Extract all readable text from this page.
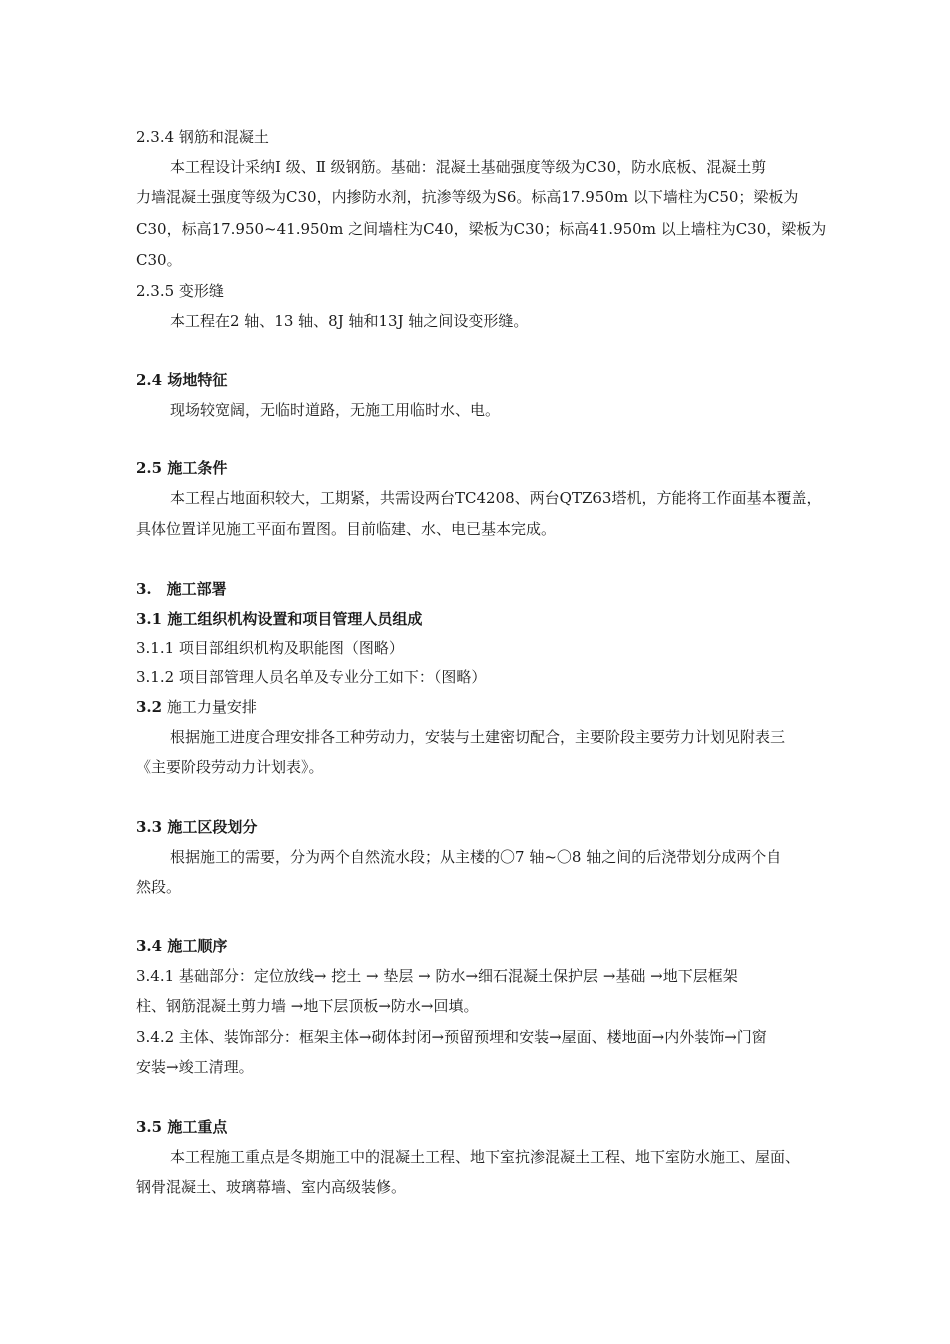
2.3.4 钢筋和混凝土
本工程设计采纳Ⅰ 级、Ⅱ 级钢筋。基础：混凝土基础强度等级为C30，防水底板、混凝土剪
力墙混凝土强度等级为C30，内掺防水剂，抗渗等级为S6。标高17.950m 以下墙柱为C50；梁板为
C30，标高17.950~41.950m 之间墙柱为C40，梁板为C30；标高41.950m 以上墙柱为C30，梁板为
C30。
2.3.5 变形缝
本工程在2 轴、13 轴、8J 轴和13J 轴之间设变形缝。
2.4 场地特征
现场较宽阔，无临时道路，无施工用临时水、电。
2.5 施工条件
本工程占地面积较大，工期紧，共需设两台TC4208、两台QTZ63塔机，方能将工作面基本覆盖，
具体位置详见施工平面布置图。目前临建、水、电已基本完成。
3.　施工部署
3.1 施工组织机构设置和项目管理人员组成
3.1.1 项目部组织机构及职能图（图略）
3.1.2 项目部管理人员名单及专业分工如下：（图略）
3.2 施工力量安排
根据施工进度合理安排各工种劳动力，安装与土建密切配合，主要阶段主要劳力计划见附表三
《主要阶段劳动力计划表》。
3.3 施工区段划分
根据施工的需要，分为两个自然流水段；从主楼的〇7 轴~〇8 轴之间的后浇带划分成两个自
然段。
3.4 施工顺序
3.4.1 基础部分：定位放线→ 挖土 → 垫层 → 防水→细石混凝土保护层 →基础 →地下层框架
柱、钢筋混凝土剪力墙 →地下层顶板→防水→回填。
3.4.2 主体、装饰部分：框架主体→砌体封闭→预留预埋和安装→屋面、楼地面→内外装饰→门窗
安装→竣工清理。
3.5 施工重点
本工程施工重点是冬期施工中的混凝土工程、地下室抗渗混凝土工程、地下室防水施工、屋面、
钢骨混凝土、玻璃幕墙、室内高级装修。
